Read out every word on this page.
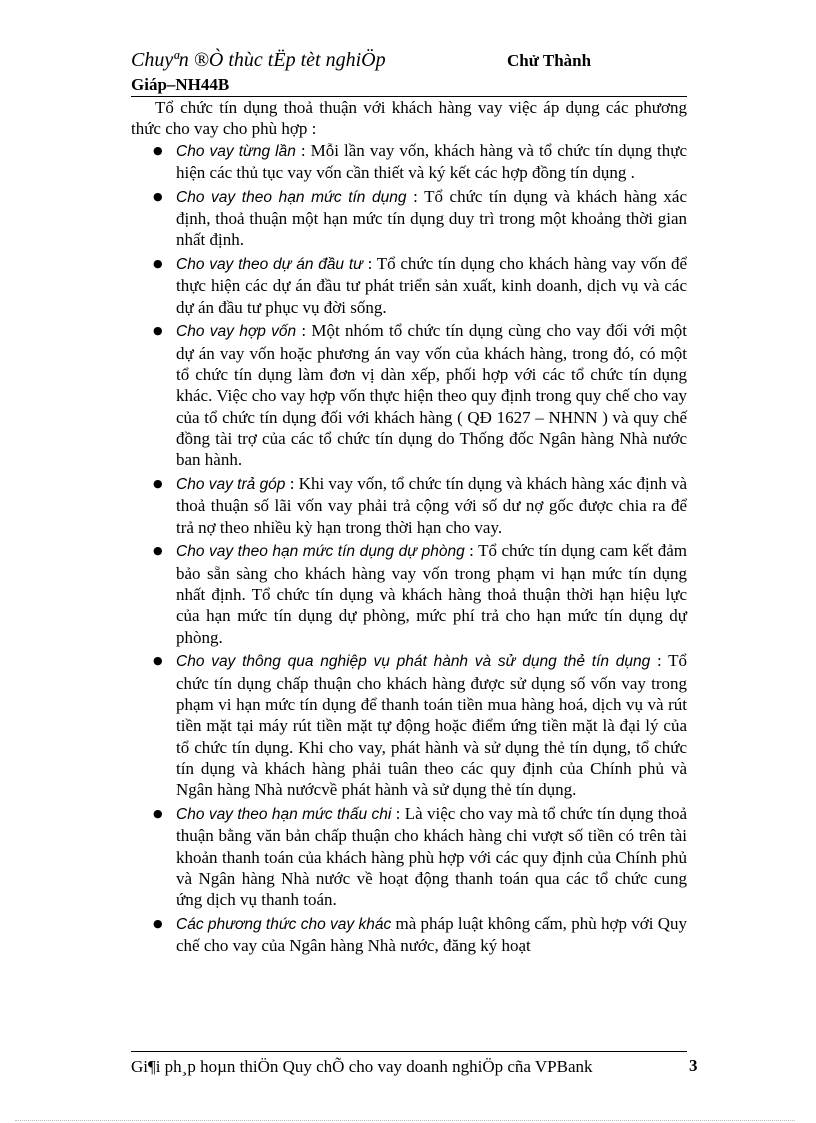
Chuyªn ®Ò thùc tËp tèt nghiÖp	Chử Thành
Giáp–NH44B

Tổ chức tín dụng thoả thuận với khách hàng vay việc áp dụng các phương thức cho vay cho phù hợp :

● Cho vay từng lần : Mỗi lần vay vốn, khách hàng và tổ chức tín dụng thực hiện các thủ tục vay vốn cần thiết và ký kết các hợp đồng tín dụng .
● Cho vay theo hạn mức tín dụng : Tổ chức tín dụng và khách hàng xác định, thoả thuận một hạn mức tín dụng duy trì trong một khoảng thời gian nhất định.
● Cho vay theo dự án đầu tư : Tổ chức tín dụng cho khách hàng vay vốn để thực hiện các dự án đầu tư phát triển sản xuất, kinh doanh, dịch vụ và các dự án đầu tư phục vụ đời sống.
● Cho vay hợp vốn : Một nhóm tổ chức tín dụng cùng cho vay đối với một dự án vay vốn hoặc phương án vay vốn của khách hàng, trong đó, có một tổ chức tín dụng làm đơn vị dàn xếp, phối hợp với các tổ chức tín dụng khác. Việc cho vay hợp vốn thực hiện theo quy định trong quy chế cho vay của tổ chức tín dụng đối với khách hàng ( QĐ 1627 – NHNN ) và quy chế đồng tài trợ của các tổ chức tín dụng do Thống đốc Ngân hàng Nhà nước ban hành.
● Cho vay trả góp : Khi vay vốn, tổ chức tín dụng và khách hàng xác định và thoả thuận số lãi vốn vay phải trả cộng với số dư nợ gốc được chia ra để trả nợ theo nhiều kỳ hạn trong thời hạn cho vay.
● Cho vay theo hạn mức tín dụng dự phòng : Tổ chức tín dụng cam kết đảm bảo sẵn sàng cho khách hàng vay vốn trong phạm vi hạn mức tín dụng nhất định. Tổ chức tín dụng và khách hàng thoả thuận thời hạn hiệu lực của hạn mức tín dụng dự phòng, mức phí trả cho hạn mức tín dụng dự phòng.
● Cho vay thông qua nghiệp vụ phát hành và sử dụng thẻ tín dụng : Tổ chức tín dụng chấp thuận cho khách hàng được sử dụng số vốn vay trong phạm vi hạn mức tín dụng để thanh toán tiền mua hàng hoá, dịch vụ và rút tiền mặt tại máy rút tiền mặt tự động hoặc điểm ứng tiền mặt là đại lý của tổ chức tín dụng. Khi cho vay, phát hành và sử dụng thẻ tín dụng, tổ chức tín dụng và khách hàng phải tuân theo các quy định của Chính phủ và Ngân hàng Nhà nướcvề phát hành và sử dụng thẻ tín dụng.
● Cho vay theo hạn mức thấu chi : Là việc cho vay mà tổ chức tín dụng thoả thuận bằng văn bản chấp thuận cho khách hàng chi vượt số tiền có trên tài khoản thanh toán của khách hàng phù hợp với các quy định của Chính phủ và Ngân hàng Nhà nước về hoạt động thanh toán qua các tổ chức cung ứng dịch vụ thanh toán.
● Các phương thức cho vay khác mà pháp luật không cấm, phù hợp với Quy chế cho vay của Ngân hàng Nhà nước, đăng ký hoạt
Gi¶i ph¸p hoµn thiÖn Quy chÕ cho vay doanh nghiÖp cña VPBank	3
